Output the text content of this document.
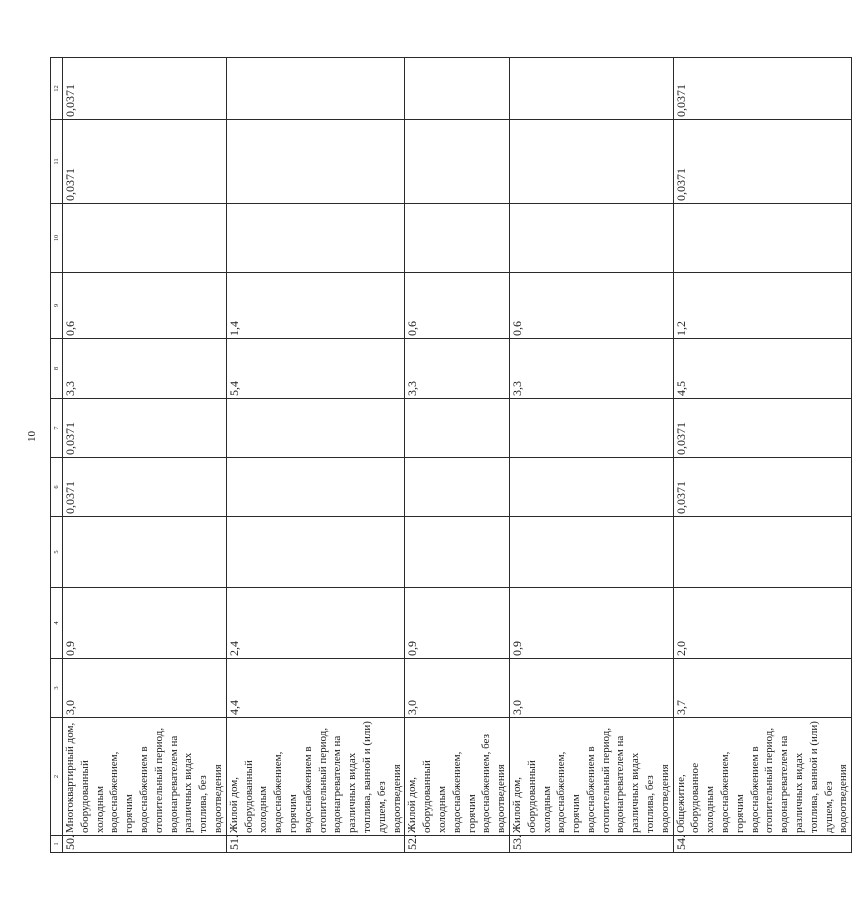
10
1	2	3	4	5	6	7	8	9	10	11	12
50.	Многоквартирный дом, оборудованный холодным водоснабжением, горячим водоснабжением в отопительный период, водонагревателем на различных видах топлива, без водоотведения	3,0	0,9		0,0371	0,0371	3,3	0,6		0,0371	0,0371
51.	Жилой дом, оборудованный холодным водоснабжением, горячим водоснабжением в отопительный период, водонагревателем на различных видах топлива, ванной и (или) душем, без водоотведения	4,4	2,4				5,4	1,4			
52.	Жилой дом, оборудованный холодным водоснабжением, горячим водоснабжением, без водоотведения	3,0	0,9				3,3	0,6			
53.	Жилой дом, оборудованный холодным водоснабжением, горячим водоснабжением в отопительный период, водонагревателем на различных видах топлива, без водоотведения	3,0	0,9				3,3	0,6			
54.	Общежитие, оборудованное холодным водоснабжением, горячим водоснабжением в отопительный период, водонагревателем на различных видах топлива, ванной и (или) душем, без водоотведения	3,7	2,0		0,0371	0,0371	4,5	1,2		0,0371	0,0371
